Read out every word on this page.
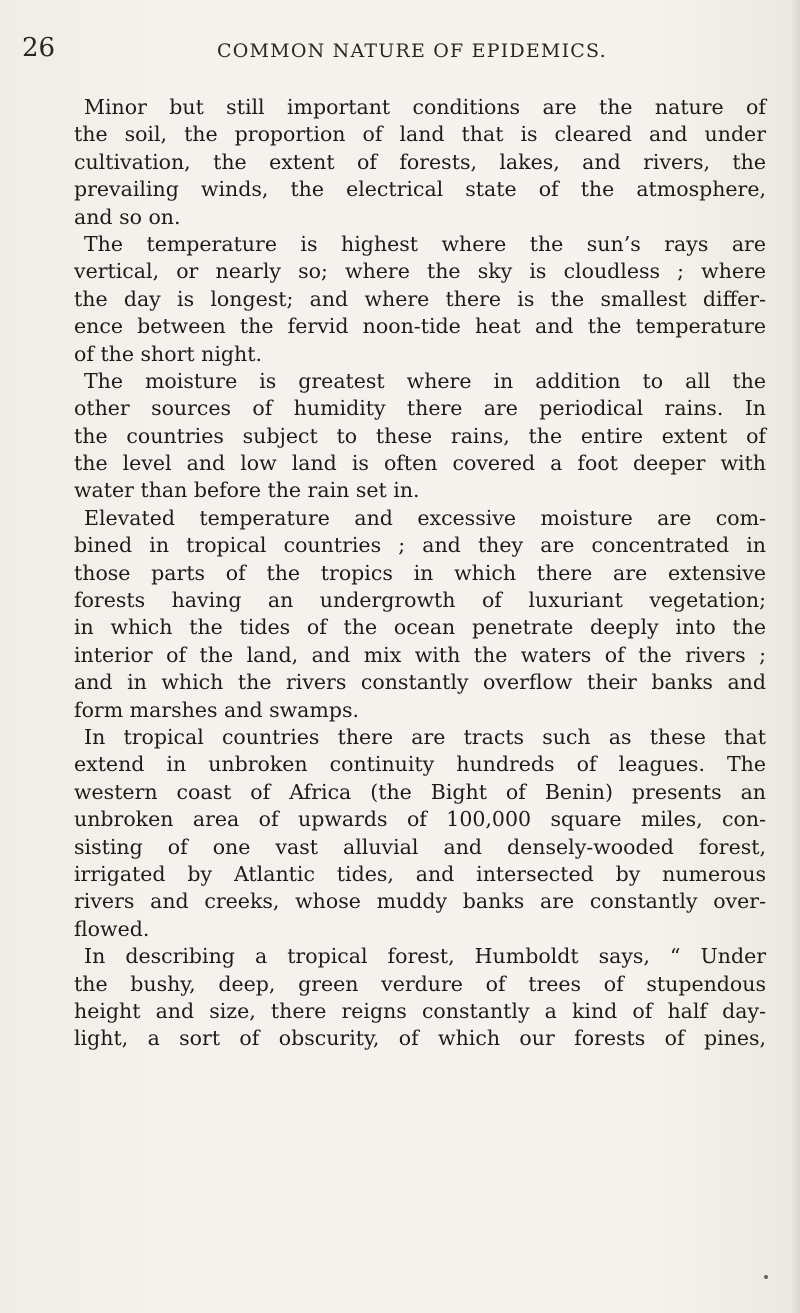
26	COMMON NATURE OF EPIDEMICS.
Minor but still important conditions are the nature of
the soil, the proportion of land that is cleared and under
cultivation, the extent of forests, lakes, and rivers, the
prevailing winds, the electrical state of the atmosphere,
and so on.
The temperature is highest where the sun’s rays are
vertical, or nearly so; where the sky is cloudless ; where
the day is longest; and where there is the smallest differ-
ence between the fervid noon-tide heat and the temperature
of the short night.
The moisture is greatest where in addition to all the
other sources of humidity there are periodical rains. In
the countries subject to these rains, the entire extent of
the level and low land is often covered a foot deeper with
water than before the rain set in.
Elevated temperature and excessive moisture are com-
bined in tropical countries ; and they are concentrated in
those parts of the tropics in which there are extensive
forests having an undergrowth of luxuriant vegetation;
in which the tides of the ocean penetrate deeply into the
interior of the land, and mix with the waters of the rivers ;
and in which the rivers constantly overflow their banks and
form marshes and swamps.
In tropical countries there are tracts such as these that
extend in unbroken continuity hundreds of leagues. The
western coast of Africa (the Bight of Benin) presents an
unbroken area of upwards of 100,000 square miles, con-
sisting of one vast alluvial and densely-wooded forest,
irrigated by Atlantic tides, and intersected by numerous
rivers and creeks, whose muddy banks are constantly over-
flowed.
In describing a tropical forest, Humboldt says, “ Under
the bushy, deep, green verdure of trees of stupendous
height and size, there reigns constantly a kind of half day-
light, a sort of obscurity, of which our forests of pines,
